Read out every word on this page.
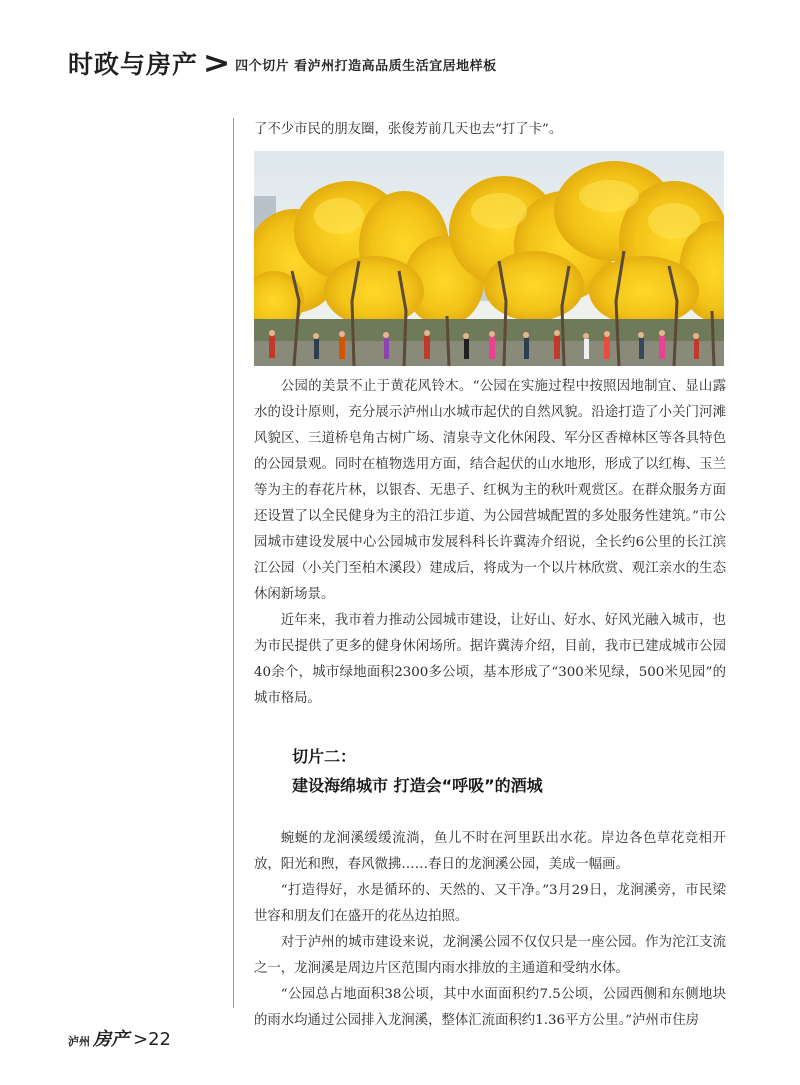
时政与房产 > 四个切片 看泸州打造高品质生活宜居地样板

了不少市民的朋友圈，张俊芳前几天也去“打了卡”。

公园的美景不止于黄花风铃木。“公园在实施过程中按照因地制宜、显山露水的设计原则，充分展示泸州山水城市起伏的自然风貌。沿途打造了小关门河滩风貌区、三道桥皂角古树广场、清泉寺文化休闲段、军分区香樟林区等各具特色的公园景观。同时在植物选用方面，结合起伏的山水地形，形成了以红梅、玉兰等为主的春花片林，以银杏、无患子、红枫为主的秋叶观赏区。在群众服务方面还设置了以全民健身为主的沿江步道、为公园营城配置的多处服务性建筑。”市公园城市建设发展中心公园城市发展科科长许冀涛介绍说，全长约6公里的长江滨江公园（小关门至柏木溪段）建成后，将成为一个以片林欣赏、观江亲水的生态休闲新场景。

近年来，我市着力推动公园城市建设，让好山、好水、好风光融入城市，也为市民提供了更多的健身休闲场所。据许冀涛介绍，目前，我市已建成城市公园40余个，城市绿地面积2300多公顷，基本形成了“300米见绿，500米见园”的城市格局。

切片二：
建设海绵城市 打造会“呼吸”的酒城

蜿蜒的龙涧溪缓缓流淌，鱼儿不时在河里跃出水花。岸边各色草花竞相开放，阳光和煦，春风微拂……春日的龙涧溪公园，美成一幅画。

“打造得好，水是循环的、天然的、又干净。”3月29日，龙涧溪旁，市民梁世容和朋友们在盛开的花丛边拍照。

对于泸州的城市建设来说，龙涧溪公园不仅仅只是一座公园。作为沱江支流之一，龙涧溪是周边片区范围内雨水排放的主通道和受纳水体。

“公园总占地面积38公顷，其中水面面积约7.5公顷，公园西侧和东侧地块的雨水均通过公园排入龙涧溪，整体汇流面积约1.36平方公里。”泸州市住房

泸州 房产 >22
